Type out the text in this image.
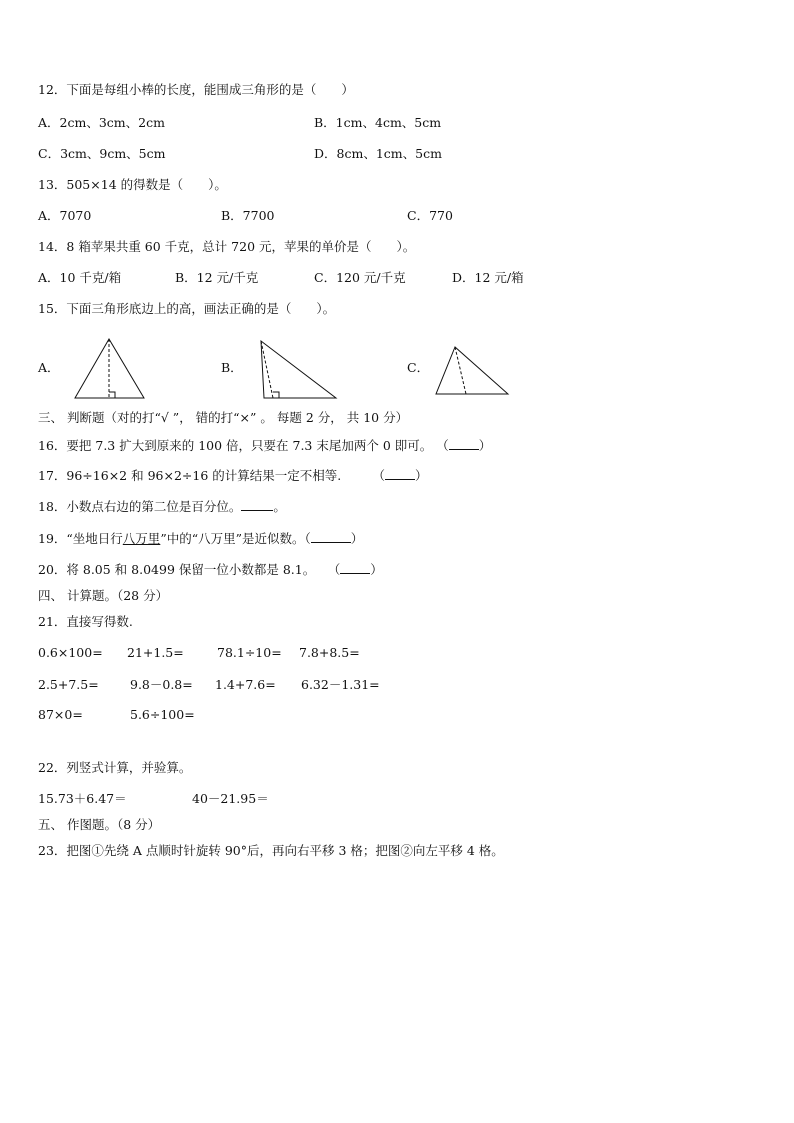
12．下面是每组小棒的长度，能围成三角形的是（　　）
A．2cm、3cm、2cm	B．1cm、4cm、5cm
C．3cm、9cm、5cm	D．8cm、1cm、5cm
13．505×14 的得数是（　　）。
A．7070	B．7700	C．770
14．8 箱苹果共重 60 千克，总计 720 元，苹果的单价是（　　）。
A．10 千克/箱	B．12 元/千克	C．120 元/千克	D．12 元/箱
15．下面三角形底边上的高，画法正确的是（　　）。
A．	B．	C．
三、 判断题（对的打“√ ”， 错的打“×” 。 每题 2 分， 共 10 分）
16．要把 7.3 扩大到原来的 100 倍，只要在 7.3 末尾加两个 0 即可。 （ ）
17．96÷16×2 和 96×2÷16 的计算结果一定不相等.　　　（ ）
18．小数点右边的第二位是百分位。	。
19．“坐地日行八万里”中的“八万里”是近似数。（	）
20．将 8.05 和 8.0499 保留一位小数都是 8.1。　　（ ）
四、 计算题。（28 分）
21．直接写得数.
0.6×100= 21+1.5=	78.1÷10= 7.8+8.5=
2.5+7.5=	9.8－0.8= 1.4+7.6= 6.32－1.31=
87×0=	5.6÷100=
22．列竖式计算，并验算。
15.73＋6.47＝	40－21.95＝
五、 作图题。（8 分）
23．把图①先绕 A 点顺时针旋转 90°后，再向右平移 3 格；把图②向左平移 4 格。
